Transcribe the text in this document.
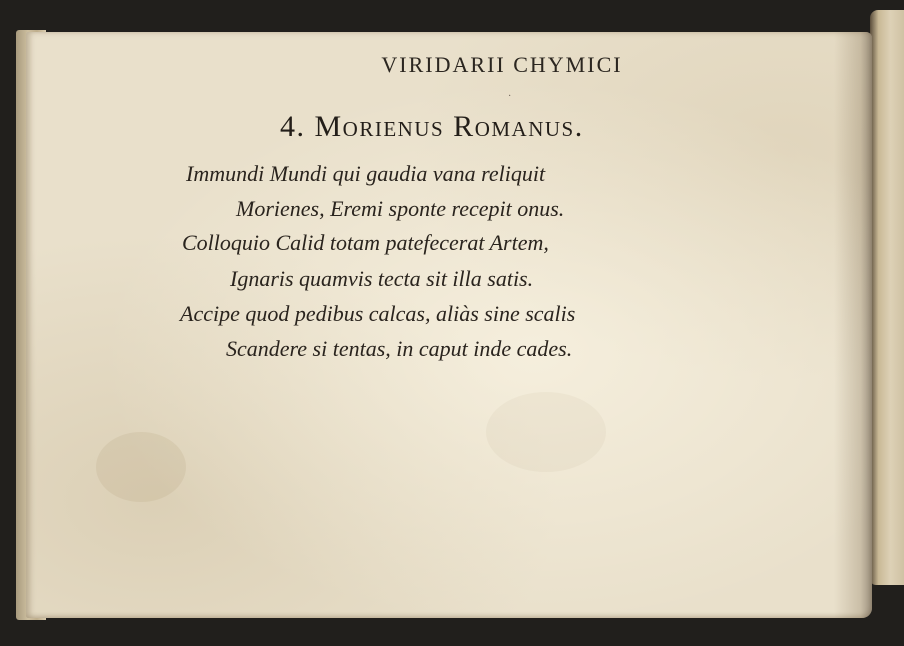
VIRIDARII CHYMICI
·
4. Morienus Romanus.
Immundi Mundi qui gaudia vana reliquit
Morienes, Eremi sponte recepit onus.
Colloquio Calid totam patefecerat Artem,
Ignaris quamvis tecta sit illa satis.
Accipe quod pedibus calcas, aliàs sine scalis
Scandere si tentas, in caput inde cades.
